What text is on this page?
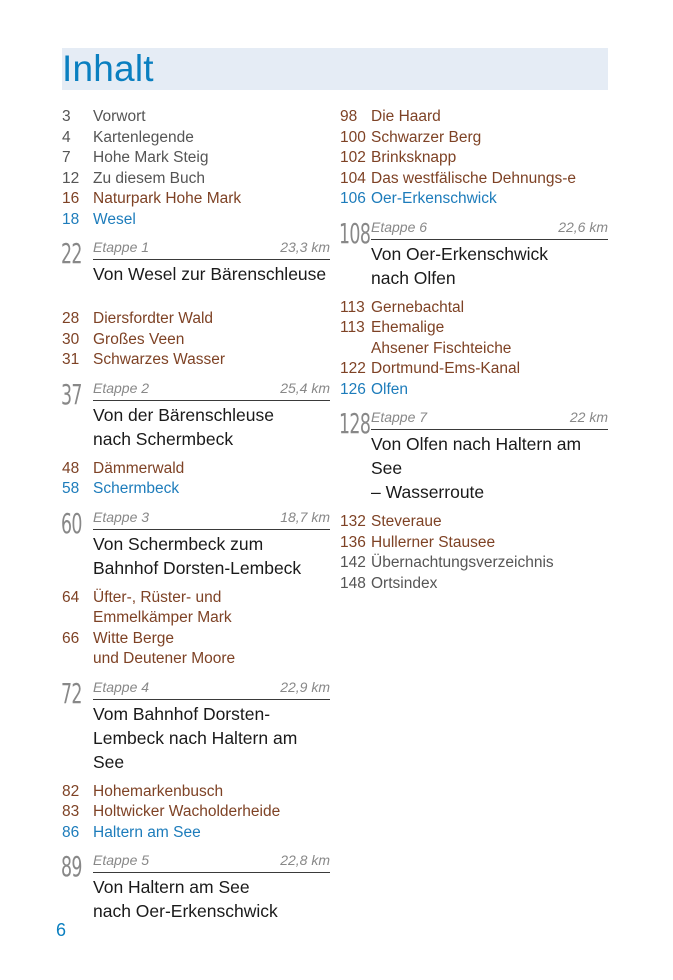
Inhalt
3 Vorwort
4 Kartenlegende
7 Hohe Mark Steig
12 Zu diesem Buch
16 Naturpark Hohe Mark
18 Wesel
22 Etappe 1	23,3 km
Von Wesel zur Bärenschleuse
28 Diersfordter Wald
30 Großes Veen
31 Schwarzes Wasser
37 Etappe 2	25,4 km
Von der Bärenschleuse
nach Schermbeck
48 Dämmerwald
58 Schermbeck
60 Etappe 3	18,7 km
Von Schermbeck zum
Bahnhof Dorsten-Lembeck
64 Üfter-, Rüster- und
Emmelkämper Mark
66 Witte Berge
und Deutener Moore
72 Etappe 4	22,9 km
Vom Bahnhof Dorsten-
Lembeck nach Haltern am See
82 Hohemarkenbusch
83 Holtwicker Wacholderheide
86 Haltern am See
89 Etappe 5	22,8 km
Von Haltern am See
nach Oer-Erkenschwick
98 Die Haard
100 Schwarzer Berg
102 Brinksknapp
104 Das westfälische Dehnungs-e
106 Oer-Erkenschwick
108 Etappe 6	22,6 km
Von Oer-Erkenschwick
nach Olfen
113 Gernebachtal
113 Ehemalige
Ahsener Fischteiche
122 Dortmund-Ems-Kanal
126 Olfen
128 Etappe 7	22 km
Von Olfen nach Haltern am See
– Wasserroute
132 Steveraue
136 Hullerner Stausee
142 Übernachtungsverzeichnis
148 Ortsindex
6
